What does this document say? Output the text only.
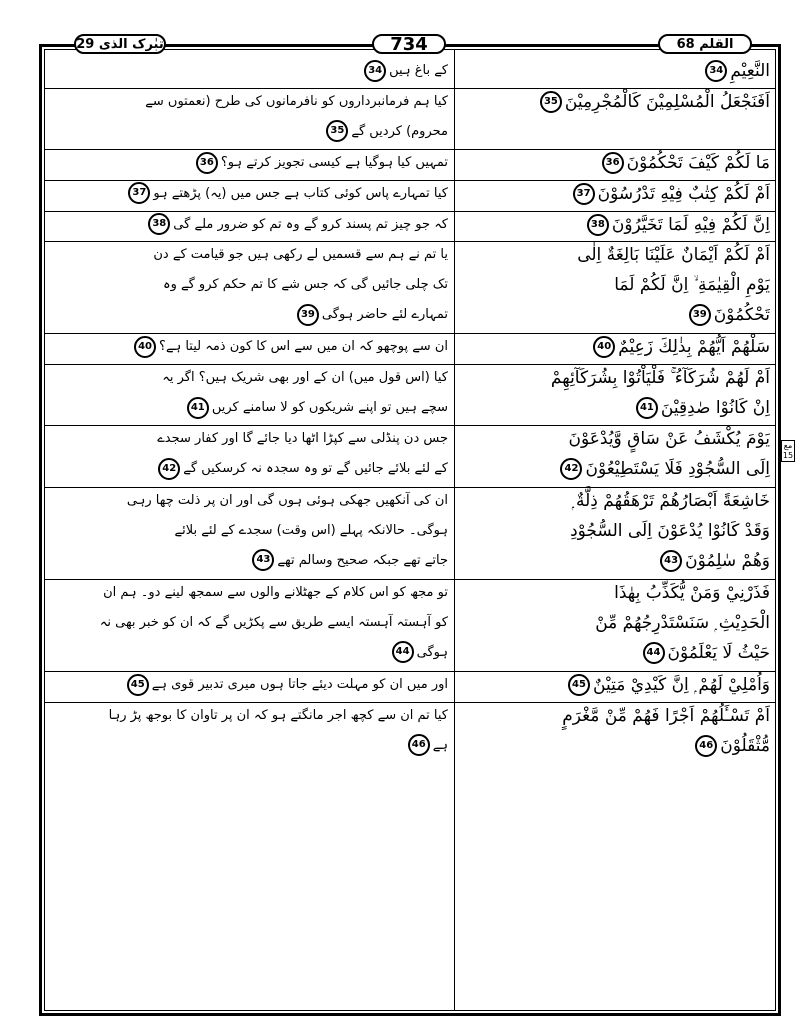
تبٰرک الذی 29	734	القلم 68
مع 15
النَّعِيْمِ34
کے باغ ہیں34
اَفَنَجْعَلُ الْمُسْلِمِيْنَ كَالْمُجْرِمِيْنَ35
کیا ہم فرمانبرداروں کو نافرمانوں کی طرح (نعمتوں سے
محروم) کردیں گے35
مَا لَكُمْ كَيْفَ تَحْكُمُوْنَ36
تمہیں کیا ہوگیا ہے کیسی تجویز کرتے ہو؟36
اَمْ لَكُمْ كِتٰبٌ فِيْهِ تَدْرُسُوْنَ37
کیا تمہارے پاس کوئی کتاب ہے جس میں (یہ) پڑھتے ہو37
اِنَّ لَكُمْ فِيْهِ لَمَا تَخَيَّرُوْنَ38
کہ جو چیز تم پسند کرو گے وہ تم کو ضرور ملے گی38
اَمْ لَكُمْ اَيْمَانٌ عَلَيْنَا بَالِغَةٌ اِلٰى
يَوْمِ الْقِيٰمَةِ ۙ اِنَّ لَكُمْ لَمَا
تَحْكُمُوْنَ39
یا تم نے ہم سے قسمیں لے رکھی ہیں جو قیامت کے دن
تک چلی جائیں گی کہ جس شے کا تم حکم کرو گے وہ
تمہارے لئے حاضر ہوگی39
سَلْهُمْ اَيُّهُمْ بِذٰلِكَ زَعِيْمٌ40
ان سے پوچھو کہ ان میں سے اس کا کون ذمہ لیتا ہے؟40
اَمْ لَهُمْ شُرَكَآءُ ۚ فَلْيَاْتُوْا بِشُرَكَآئِهِمْ
اِنْ كَانُوْا صٰدِقِيْنَ41
کیا (اس قول میں) ان کے اور بھی شریک ہیں؟ اگر یہ
سچے ہیں تو اپنے شریکوں کو لا سامنے کریں41
يَوْمَ يُكْشَفُ عَنْ سَاقٍ وَّيُدْعَوْنَ
اِلَى السُّجُوْدِ فَلَا يَسْتَطِيْعُوْنَ42
جس دن پنڈلی سے کپڑا اٹھا دیا جائے گا اور کفار سجدے
کے لئے بلائے جائیں گے تو وہ سجدہ نہ کرسکیں گے42
خَاشِعَةً اَبْصَارُهُمْ تَرْهَقُهُمْ ذِلَّةٌ ۭ
وَقَدْ كَانُوْا يُدْعَوْنَ اِلَى السُّجُوْدِ
وَهُمْ سٰلِمُوْنَ43
ان کی آنکھیں جھکی ہوئی ہوں گی اور ان پر ذلت چھا رہی
ہوگی۔ حالانکہ پہلے (اس وقت) سجدے کے لئے بلائے
جاتے تھے جبکہ صحیح وسالم تھے43
فَذَرْنِيْ وَمَنْ يُّكَذِّبُ بِهٰذَا
الْحَدِيْثِ ۭ سَنَسْتَدْرِجُهُمْ مِّنْ
حَيْثُ لَا يَعْلَمُوْنَ44
تو مجھ کو اس کلام کے جھٹلانے والوں سے سمجھ لینے دو۔ ہم ان
کو آہستہ آہستہ ایسے طریق سے پکڑیں گے کہ ان کو خبر بھی نہ
ہوگی44
وَاُمْلِيْ لَهُمْ ۭ اِنَّ كَيْدِيْ مَتِيْنٌ45
اور میں ان کو مہلت دیئے جاتا ہوں میری تدبیر قوی ہے45
اَمْ تَسْـَٔلُهُمْ اَجْرًا فَهُمْ مِّنْ مَّغْرَمٍ
مُّثْقَلُوْنَ46
کیا تم ان سے کچھ اجر مانگتے ہو کہ ان پر تاوان کا بوجھ پڑ رہا
ہے46
